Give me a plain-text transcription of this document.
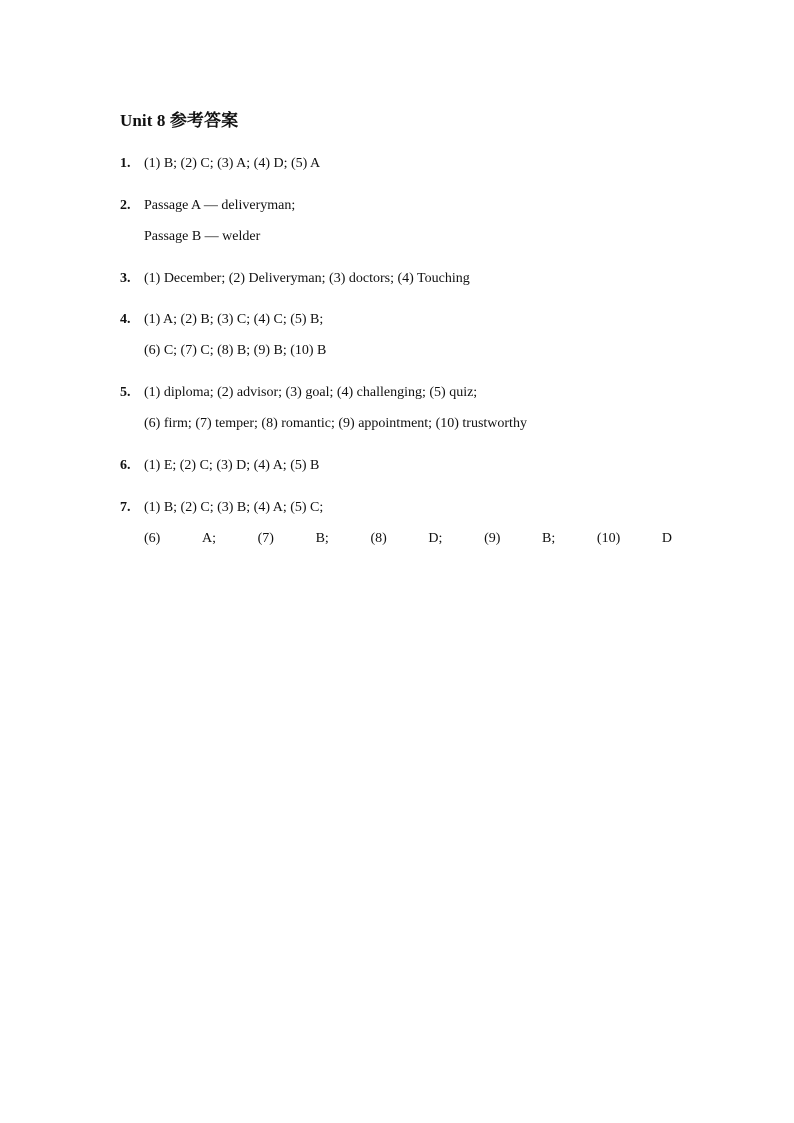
Unit 8 参考答案
1. (1) B; (2) C; (3) A; (4) D; (5) A
2. Passage A — deliveryman;
Passage B — welder
3. (1) December; (2) Deliveryman; (3) doctors; (4) Touching
4. (1) A; (2) B; (3) C; (4) C; (5) B;
(6) C; (7) C; (8) B; (9) B; (10) B
5. (1) diploma; (2) advisor; (3) goal; (4) challenging; (5) quiz;
(6) firm; (7) temper; (8) romantic; (9) appointment; (10) trustworthy
6. (1) E; (2) C; (3) D; (4) A; (5) B
7. (1) B; (2) C; (3) B; (4) A; (5) C;
(6)	A;	(7)	B;	(8)	D;	(9)	B;	(10)	D
